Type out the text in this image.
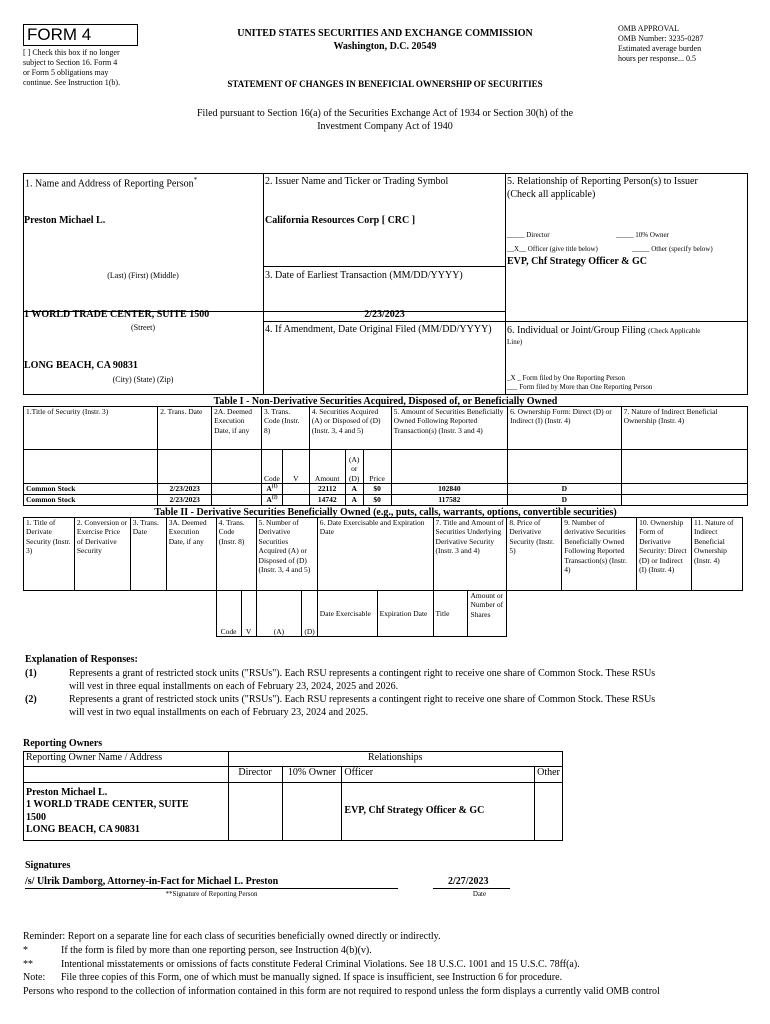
FORM 4
[ ] Check this box if no longer
subject to Section 16. Form 4
or Form 5 obligations may
continue. See Instruction 1(b).
UNITED STATES SECURITIES AND EXCHANGE COMMISSION
Washington, D.C. 20549
STATEMENT OF CHANGES IN BENEFICIAL OWNERSHIP OF SECURITIES
OMB APPROVAL
OMB Number: 3235-0287
Estimated average burden
hours per response... 0.5
Filed pursuant to Section 16(a) of the Securities Exchange Act of 1934 or Section 30(h) of the
Investment Company Act of 1940
1. Name and Address of Reporting Person*
Preston Michael L.
(Last) (First) (Middle)
1 WORLD TRADE CENTER, SUITE 1500
(Street)
LONG BEACH, CA 90831
(City) (State) (Zip)
2. Issuer Name and Ticker or Trading Symbol
California Resources Corp [ CRC ]
3. Date of Earliest Transaction (MM/DD/YYYY)
2/23/2023
4. If Amendment, Date Original Filed (MM/DD/YYYY)
5. Relationship of Reporting Person(s) to Issuer
(Check all applicable)
_____ Director	_____ 10% Owner
__X__ Officer (give title below)	_____ Other (specify below)
EVP, Chf Strategy Officer & GC
6. Individual or Joint/Group Filing (Check Applicable
Line)
_X _ Form filed by One Reporting Person
___ Form filed by More than One Reporting Person
Table I - Non-Derivative Securities Acquired, Disposed of, or Beneficially Owned
1.Title of Security (Instr. 3)	2. Trans. Date	2A. Deemed Execution Date, if any	3. Trans. Code (Instr. 8)		4. Securities Acquired (A) or Disposed of (D) (Instr. 3, 4 and 5)			5. Amount of Securities Beneficially Owned Following Reported Transaction(s) (Instr. 3 and 4)	6. Ownership Form: Direct (D) or Indirect (I) (Instr. 4)	7. Nature of Indirect Beneficial Ownership (Instr. 4)
			Code	V	Amount	(A) or (D)	Price			
Common Stock	2/23/2023		$A^{(1)}$		22112	A	$0	102840	D	
Common Stock	2/23/2023		$A^{(2)}$		14742	A	$0	117582	D	
Table II - Derivative Securities Beneficially Owned (e.g., puts, calls, warrants, options, convertible securities)
1. Title of Derivate Security (Instr. 3)	2. Conversion or Exercise Price of Derivative Security	3. Trans. Date	3A. Deemed Execution Date, if any	4. Trans. Code (Instr. 8)		5. Number of Derivative Securities Acquired (A) or Disposed of (D) (Instr. 3, 4 and 5)		6. Date Exercisable and Expiration Date		7. Title and Amount of Securities Underlying Derivative Security (Instr. 3 and 4)		8. Price of Derivative Security (Instr. 5)	9. Number of derivative Securities Beneficially Owned Following Reported Transaction(s) (Instr. 4)	10. Ownership Form of Derivative Security: Direct (D) or Indirect (I) (Instr. 4)	11. Nature of Indirect Beneficial Ownership (Instr. 4)
				Code	V	(A)	(D)	Date Exercisable	Expiration Date	Title	Amount or Number of Shares				
Explanation of Responses:
(1)	Represents a grant of restricted stock units ("RSUs"). Each RSU represents a contingent right to receive one share of Common Stock. These RSUs
will vest in three equal installments on each of February 23, 2024, 2025 and 2026.
(2)	Represents a grant of restricted stock units ("RSUs"). Each RSU represents a contingent right to receive one share of Common Stock. These RSUs
will vest in two equal installments on each of February 23, 2024 and 2025.
Reporting Owners
Reporting Owner Name / Address	Relationships			
	Director	10% Owner	Officer	Other

Preston Michael L.
1 WORLD TRADE CENTER, SUITE
1500
LONG BEACH, CA 90831			EVP, Chf Strategy Officer & GC	
Signatures
/s/ Ulrik Damborg, Attorney-in-Fact for Michael L. Preston	2/27/2023
**Signature of Reporting Person	Date
Reminder: Report on a separate line for each class of securities beneficially owned directly or indirectly.
*	If the form is filed by more than one reporting person, see Instruction 4(b)(v).
**	Intentional misstatements or omissions of facts constitute Federal Criminal Violations. See 18 U.S.C. 1001 and 15 U.S.C. 78ff(a).
Note: File three copies of this Form, one of which must be manually signed. If space is insufficient, see Instruction 6 for procedure.
Persons who respond to the collection of information contained in this form are not required to respond unless the form displays a currently valid OMB control
